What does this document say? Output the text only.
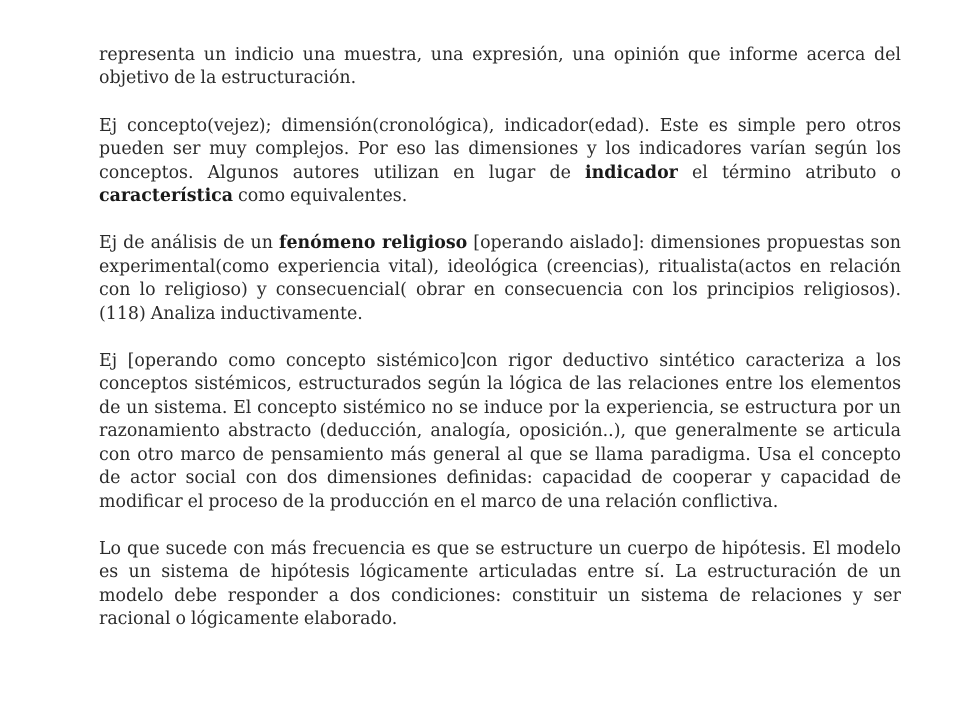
representa un indicio una muestra, una expresión, una opinión que informe acerca del objetivo de la estructuración.

Ej concepto(vejez); dimensión(cronológica), indicador(edad). Este es simple pero otros pueden ser muy complejos. Por eso las dimensiones y los indicadores varían según los conceptos. Algunos autores utilizan en lugar de indicador el término atributo o característica como equivalentes.

Ej de análisis de un fenómeno religioso [operando aislado]: dimensiones propuestas son experimental(como experiencia vital), ideológica (creencias), ritualista(actos en relación con lo religioso) y consecuencial( obrar en consecuencia con los principios religiosos).(118) Analiza inductivamente.

Ej [operando como concepto sistémico]con rigor deductivo sintético caracteriza a los conceptos sistémicos, estructurados según la lógica de las relaciones entre los elementos de un sistema. El concepto sistémico no se induce por la experiencia, se estructura por un razonamiento abstracto (deducción, analogía, oposición..), que generalmente se articula con otro marco de pensamiento más general al que se llama paradigma. Usa el concepto de actor social con dos dimensiones definidas: capacidad de cooperar y capacidad de modificar el proceso de la producción en el marco de una relación conflictiva.

Lo que sucede con más frecuencia es que se estructure un cuerpo de hipótesis. El modelo es un sistema de hipótesis lógicamente articuladas entre sí. La estructuración de un modelo debe responder a dos condiciones: constituir un sistema de relaciones y ser racional o lógicamente elaborado.
